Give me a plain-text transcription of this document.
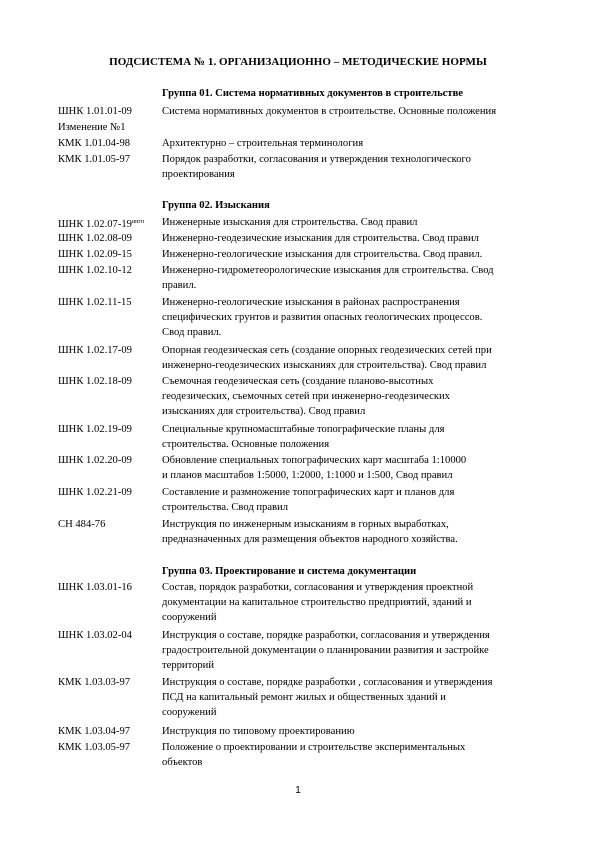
ПОДСИСТЕМА № 1. ОРГАНИЗАЦИОННО – МЕТОДИЧЕСКИЕ НОРМЫ
Группа 01. Система нормативных документов в строительстве
ШНК 1.01.01-09	Система нормативных документов в строительстве. Основные положения
Изменение №1
КМК 1.01.04-98	Архитектурно – строительная терминология
КМК 1.01.05-97	Порядок разработки, согласования и утверждения технологического
проектирования
Группа 02. Изыскания
ШНК $1.02.07-19^{ингп}$	Инженерные изыскания для строительства. Свод правил
ШНК 1.02.08-09	Инженерно-геодезические изыскания для строительства. Свод правил
ШНК 1.02.09-15	Инженерно-геологические изыскания для строительства. Свод правил.
ШНК 1.02.10-12	Инженерно-гидрометеорологические изыскания для строительства. Свод
правил.
ШНК 1.02.11-15	Инженерно-геологические изыскания в районах распространения
специфических грунтов и развития опасных геологических процессов.
Свод правил.
ШНК 1.02.17-09	Опорная геодезическая сеть (создание опорных геодезических сетей при
инженерно-геодезических изысканиях для строительства). Свод правил
ШНК 1.02.18-09	Съемочная геодезическая сеть (создание планово-высотных
геодезических, съемочных сетей при инженерно-геодезических
изысканиях для строительства). Свод правил
ШНК 1.02.19-09	Специальные крупномасштабные топографические планы для
строительства. Основные положения
ШНК 1.02.20-09	Обновление специальных топографических карт масштаба 1:10000
и планов масштабов 1:5000, 1:2000, 1:1000 и 1:500, Свод правил
ШНК 1.02.21-09	Составление и размножение топографических карт и планов для
строительства. Свод правил
СН 484-76	Инструкция по инженерным изысканиям в горных выработках,
предназначенных для размещения объектов народного хозяйства.
Группа 03. Проектирование и система документации
ШНК 1.03.01-16	Состав, порядок разработки, согласования и утверждения проектной
документации на капитальное строительство предприятий, зданий и
сооружений
ШНК 1.03.02-04	Инструкция о составе, порядке разработки, согласования и утверждения
градостроительной документации о планировании развития и застройке
территорий
КМК 1.03.03-97	Инструкция о составе, порядке разработки , согласования и утверждения
ПСД на капитальный ремонт жилых и общественных зданий и
сооружений
КМК 1.03.04-97	Инструкция по типовому проектированию
КМК 1.03.05-97	Положение о проектировании и строительстве экспериментальных
объектов
1
